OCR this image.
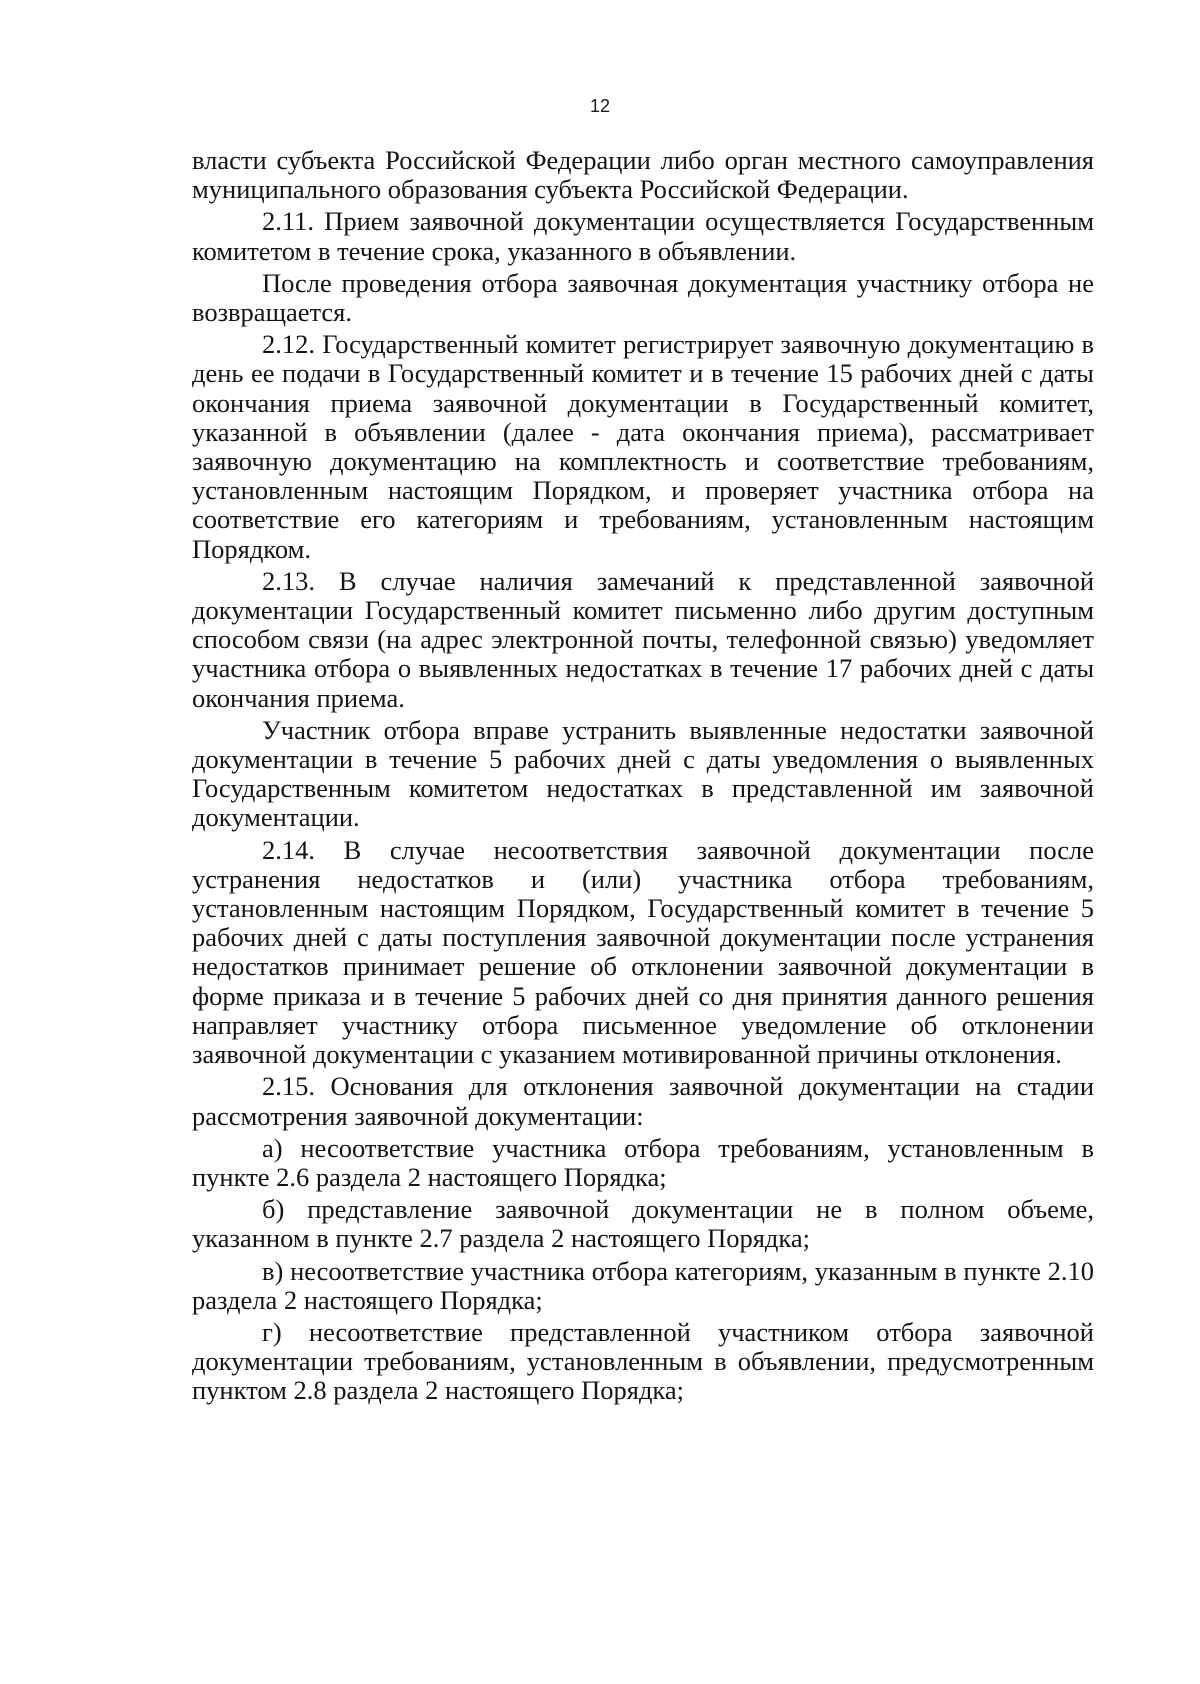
12

власти субъекта Российской Федерации либо орган местного самоуправления муниципального образования субъекта Российской Федерации.

2.11. Прием заявочной документации осуществляется Государственным комитетом в течение срока, указанного в объявлении.

После проведения отбора заявочная документация участнику отбора не возвращается.

2.12. Государственный комитет регистрирует заявочную документацию в день ее подачи в Государственный комитет и в течение 15 рабочих дней с даты окончания приема заявочной документации в Государственный комитет, указанной в объявлении (далее - дата окончания приема), рассматривает заявочную документацию на комплектность и соответствие требованиям, установленным настоящим Порядком, и проверяет участника отбора на соответствие его категориям и требованиям, установленным настоящим Порядком.

2.13. В случае наличия замечаний к представленной заявочной документации Государственный комитет письменно либо другим доступным способом связи (на адрес электронной почты, телефонной связью) уведомляет участника отбора о выявленных недостатках в течение 17 рабочих дней с даты окончания приема.

Участник отбора вправе устранить выявленные недостатки заявочной документации в течение 5 рабочих дней с даты уведомления о выявленных Государственным комитетом недостатках в представленной им заявочной документации.

2.14. В случае несоответствия заявочной документации после устранения недостатков и (или) участника отбора требованиям, установленным настоящим Порядком, Государственный комитет в течение 5 рабочих дней с даты поступления заявочной документации после устранения недостатков принимает решение об отклонении заявочной документации в форме приказа и в течение 5 рабочих дней со дня принятия данного решения направляет участнику отбора письменное уведомление об отклонении заявочной документации с указанием мотивированной причины отклонения.

2.15. Основания для отклонения заявочной документации на стадии рассмотрения заявочной документации:

а) несоответствие участника отбора требованиям, установленным в пункте 2.6 раздела 2 настоящего Порядка;

б) представление заявочной документации не в полном объеме, указанном в пункте 2.7 раздела 2 настоящего Порядка;

в) несоответствие участника отбора категориям, указанным в пункте 2.10 раздела 2 настоящего Порядка;

г) несоответствие представленной участником отбора заявочной документации требованиям, установленным в объявлении, предусмотренным пунктом 2.8 раздела 2 настоящего Порядка;
